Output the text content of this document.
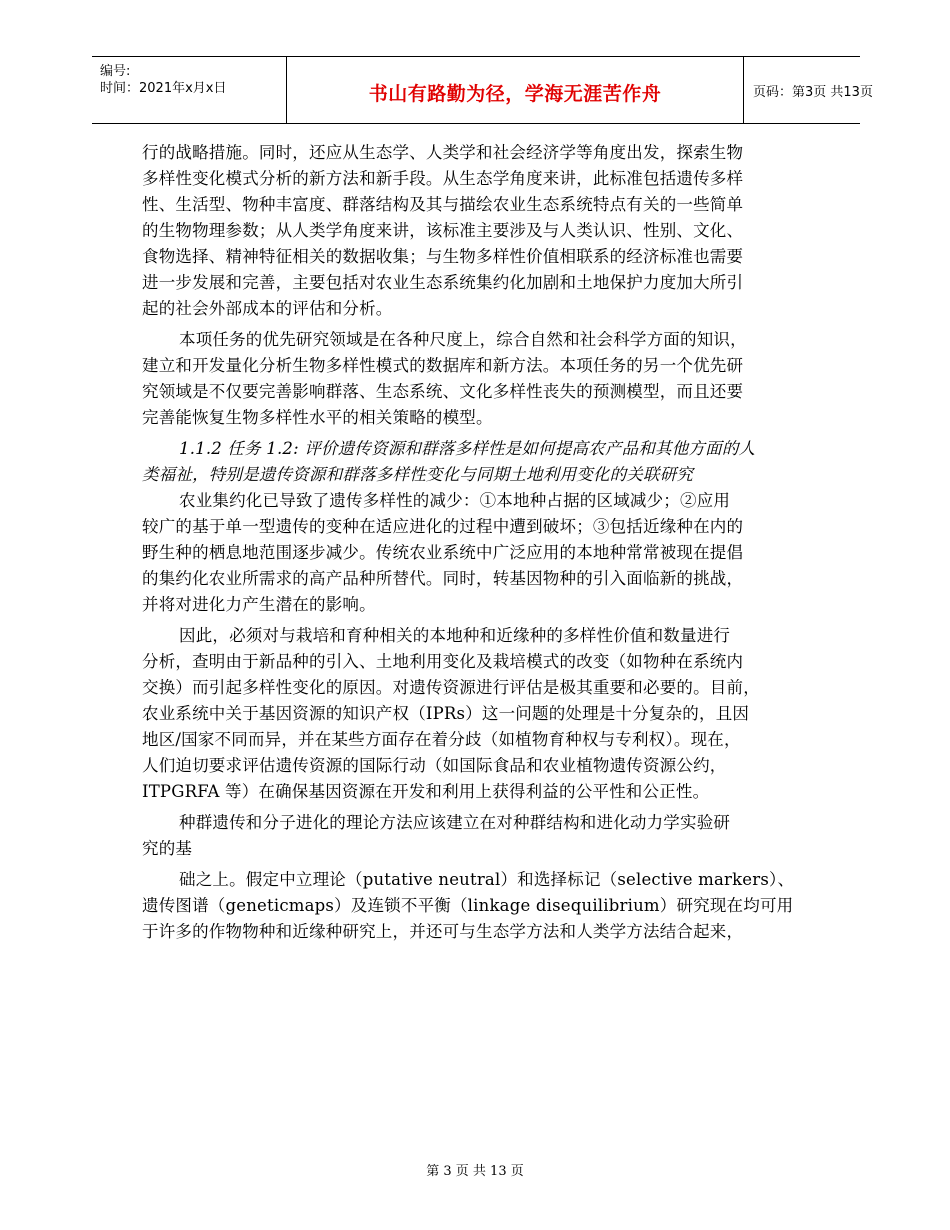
编号:
时间：2021年x月x日	书山有路勤为径，学海无涯苦作舟	页码：第3页 共13页
行的战略措施。同时，还应从生态学、人类学和社会经济学等角度出发，探索生物
多样性变化模式分析的新方法和新手段。从生态学角度来讲，此标准包括遗传多样
性、生活型、物种丰富度、群落结构及其与描绘农业生态系统特点有关的一些简单
的生物物理参数；从人类学角度来讲，该标准主要涉及与人类认识、性别、文化、
食物选择、精神特征相关的数据收集；与生物多样性价值相联系的经济标准也需要
进一步发展和完善，主要包括对农业生态系统集约化加剧和土地保护力度加大所引
起的社会外部成本的评估和分析。
本项任务的优先研究领域是在各种尺度上，综合自然和社会科学方面的知识，
建立和开发量化分析生物多样性模式的数据库和新方法。本项任务的另一个优先研
究领域是不仅要完善影响群落、生态系统、文化多样性丧失的预测模型，而且还要
完善能恢复生物多样性水平的相关策略的模型。
1.1.2 任务 1.2: 评价遗传资源和群落多样性是如何提高农产品和其他方面的人
类福祉，特别是遗传资源和群落多样性变化与同期土地利用变化的关联研究
农业集约化已导致了遗传多样性的减少：①本地种占据的区域减少；②应用
较广的基于单一型遗传的变种在适应进化的过程中遭到破坏；③包括近缘种在内的
野生种的栖息地范围逐步减少。传统农业系统中广泛应用的本地种常常被现在提倡
的集约化农业所需求的高产品种所替代。同时，转基因物种的引入面临新的挑战，
并将对进化力产生潜在的影响。
因此，必须对与栽培和育种相关的本地种和近缘种的多样性价值和数量进行
分析，查明由于新品种的引入、土地利用变化及栽培模式的改变（如物种在系统内
交换）而引起多样性变化的原因。对遗传资源进行评估是极其重要和必要的。目前，
农业系统中关于基因资源的知识产权（IPRs）这一问题的处理是十分复杂的，且因
地区/国家不同而异，并在某些方面存在着分歧（如植物育种权与专利权）。现在，
人们迫切要求评估遗传资源的国际行动（如国际食品和农业植物遗传资源公约，
ITPGRFA 等）在确保基因资源在开发和利用上获得利益的公平性和公正性。
种群遗传和分子进化的理论方法应该建立在对种群结构和进化动力学实验研
究的基
础之上。假定中立理论（putative neutral）和选择标记（selective markers）、
遗传图谱（geneticmaps）及连锁不平衡（linkage disequilibrium）研究现在均可用
于许多的作物物种和近缘种研究上，并还可与生态学方法和人类学方法结合起来，
第 3 页 共 13 页
